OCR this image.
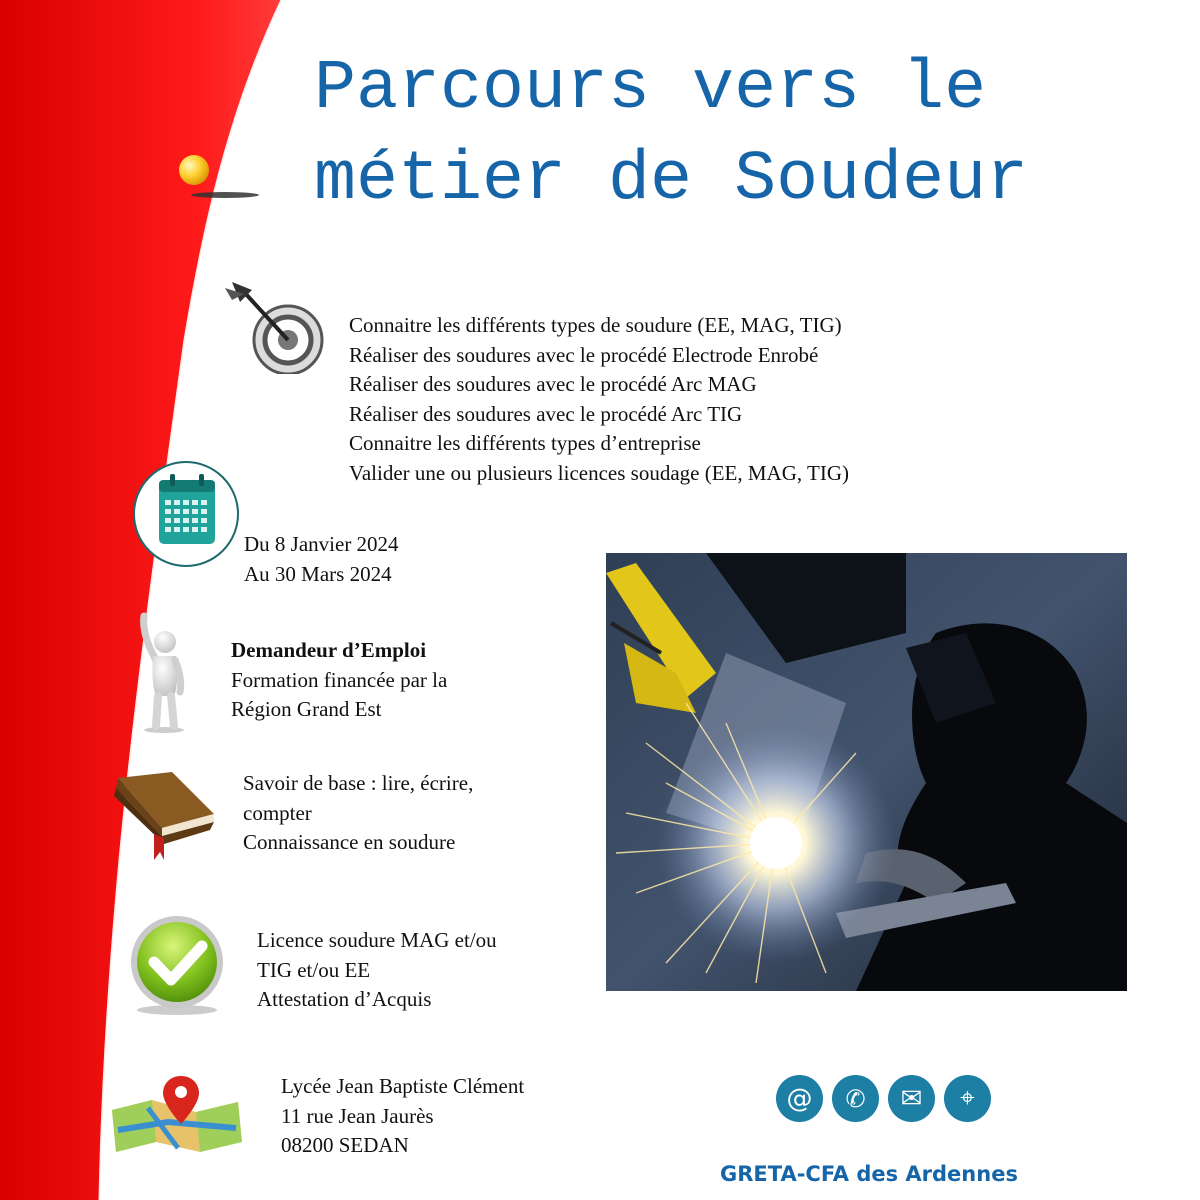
Parcours vers le
métier de Soudeur
Connaitre les différents types de soudure (EE, MAG, TIG)
Réaliser des soudures avec le procédé Electrode Enrobé
Réaliser des soudures avec le procédé Arc MAG
Réaliser des soudures avec le procédé Arc TIG
Connaitre les différents types d’entreprise
Valider une ou plusieurs licences soudage (EE, MAG, TIG)
Du 8 Janvier 2024
Au 30 Mars 2024
Demandeur d’Emploi
Formation financée par la
Région Grand Est
Savoir de base : lire, écrire,
compter
Connaissance en soudure
Licence soudure MAG et/ou
TIG et/ou EE
Attestation d’Acquis
Lycée Jean Baptiste Clément
11 rue Jean Jaurès
08200 SEDAN
@ ✆ ✉ ⌖
GRETA-CFA des Ardennes
